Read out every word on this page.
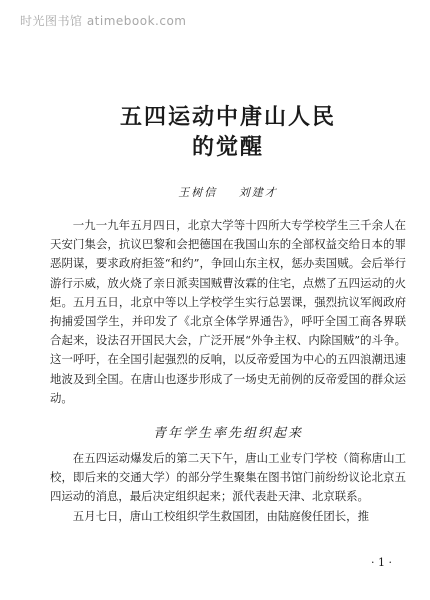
时光图书馆 atimebook.com
五四运动中唐山人民
的觉醒
王树信 刘建才

一九一九年五月四日，北京大学等十四所大专学校学生三千余人在天安门集会，抗议巴黎和会把德国在我国山东的全部权益交给日本的罪恶阴谋，要求政府拒签“和约”，争回山东主权，惩办卖国贼。会后举行游行示威，放火烧了亲日派卖国贼曹汝霖的住宅，点燃了五四运动的火炬。五月五日，北京中等以上学校学生实行总罢课，强烈抗议军阀政府拘捕爱国学生，并印发了《北京全体学界通告》，呼吁全国工商各界联合起来，设法召开国民大会，广泛开展“外争主权、内除国贼”的斗争。这一呼吁，在全国引起强烈的反响，以反帝爱国为中心的五四浪潮迅速地波及到全国。在唐山也逐步形成了一场史无前例的反帝爱国的群众运动。

青年学生率先组织起来

在五四运动爆发后的第二天下午，唐山工业专门学校（简称唐山工校，即后来的交通大学）的部分学生聚集在图书馆门前纷纷议论北京五四运动的消息，最后决定组织起来；派代表赴天津、北京联系。

五月七日，唐山工校组织学生救国团，由陆庭俊任团长，推

· 1 ·
